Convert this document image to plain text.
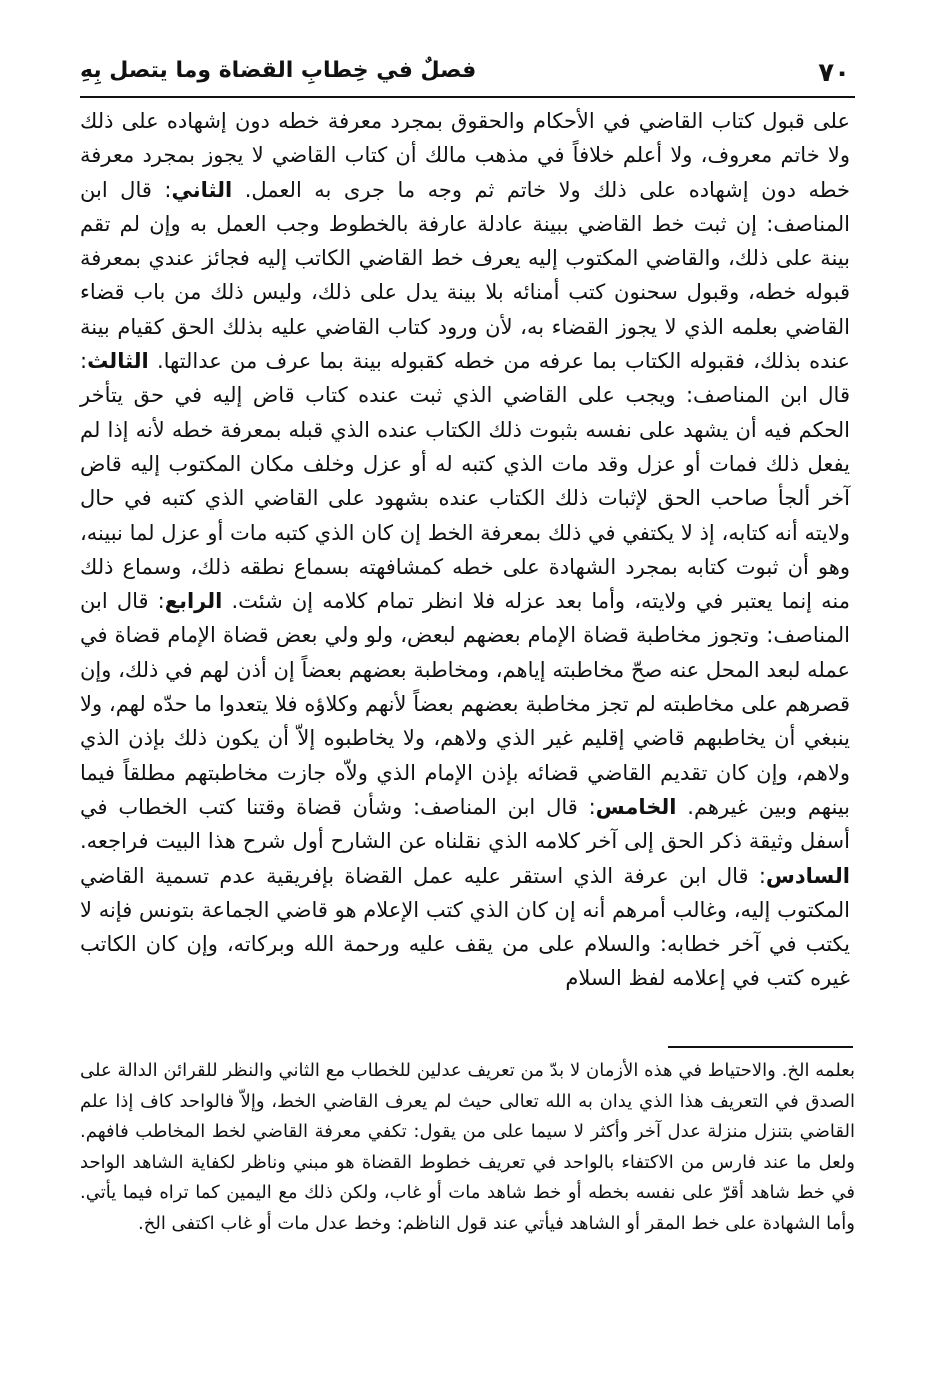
٧٠
فصلٌ في خِطابِ القضاة وما يتصل بِهِ

على قبول كتاب القاضي في الأحكام والحقوق بمجرد معرفة خطه دون إشهاده على ذلك ولا خاتم معروف، ولا أعلم خلافاً في مذهب مالك أن كتاب القاضي لا يجوز بمجرد معرفة خطه دون إشهاده على ذلك ولا خاتم ثم وجه ما جرى به العمل. الثاني: قال ابن المناصف: إن ثبت خط القاضي ببينة عادلة عارفة بالخطوط وجب العمل به وإن لم تقم بينة على ذلك، والقاضي المكتوب إليه يعرف خط القاضي الكاتب إليه فجائز عندي بمعرفة قبوله خطه، وقبول سحنون كتب أمنائه بلا بينة يدل على ذلك، وليس ذلك من باب قضاء القاضي بعلمه الذي لا يجوز القضاء به، لأن ورود كتاب القاضي عليه بذلك الحق كقيام بينة عنده بذلك، فقبوله الكتاب بما عرفه من خطه كقبوله بينة بما عرف من عدالتها. الثالث: قال ابن المناصف: ويجب على القاضي الذي ثبت عنده كتاب قاض إليه في حق يتأخر الحكم فيه أن يشهد على نفسه بثبوت ذلك الكتاب عنده الذي قبله بمعرفة خطه لأنه إذا لم يفعل ذلك فمات أو عزل وقد مات الذي كتبه له أو عزل وخلف مكان المكتوب إليه قاض آخر ألجأ صاحب الحق لإثبات ذلك الكتاب عنده بشهود على القاضي الذي كتبه في حال ولايته أنه كتابه، إذ لا يكتفي في ذلك بمعرفة الخط إن كان الذي كتبه مات أو عزل لما نبينه، وهو أن ثبوت كتابه بمجرد الشهادة على خطه كمشافهته بسماع نطقه ذلك، وسماع ذلك منه إنما يعتبر في ولايته، وأما بعد عزله فلا انظر تمام كلامه إن شئت. الرابع: قال ابن المناصف: وتجوز مخاطبة قضاة الإمام بعضهم لبعض، ولو ولي بعض قضاة الإمام قضاة في عمله لبعد المحل عنه صحّ مخاطبته إياهم، ومخاطبة بعضهم بعضاً إن أذن لهم في ذلك، وإن قصرهم على مخاطبته لم تجز مخاطبة بعضهم بعضاً لأنهم وكلاؤه فلا يتعدوا ما حدّه لهم، ولا ينبغي أن يخاطبهم قاضي إقليم غير الذي ولاهم، ولا يخاطبوه إلاّ أن يكون ذلك بإذن الذي ولاهم، وإن كان تقديم القاضي قضائه بإذن الإمام الذي ولاّه جازت مخاطبتهم مطلقاً فيما بينهم وبين غيرهم. الخامس: قال ابن المناصف: وشأن قضاة وقتنا كتب الخطاب في أسفل وثيقة ذكر الحق إلى آخر كلامه الذي نقلناه عن الشارح أول شرح هذا البيت فراجعه. السادس: قال ابن عرفة الذي استقر عليه عمل القضاة بإفريقية عدم تسمية القاضي المكتوب إليه، وغالب أمرهم أنه إن كان الذي كتب الإعلام هو قاضي الجماعة بتونس فإنه لا يكتب في آخر خطابه: والسلام على من يقف عليه ورحمة الله وبركاته، وإن كان الكاتب غيره كتب في إعلامه لفظ السلام

بعلمه الخ. والاحتياط في هذه الأزمان لا بدّ من تعريف عدلين للخطاب مع الثاني والنظر للقرائن الدالة على الصدق في التعريف هذا الذي يدان به الله تعالى حيث لم يعرف القاضي الخط، وإلاّ فالواحد كاف إذا علم القاضي بتنزل منزلة عدل آخر وأكثر لا سيما على من يقول: تكفي معرفة القاضي لخط المخاطب فافهم. ولعل ما عند فارس من الاكتفاء بالواحد في تعريف خطوط القضاة هو مبني وناظر لكفاية الشاهد الواحد في خط شاهد أقرّ على نفسه بخطه أو خط شاهد مات أو غاب، ولكن ذلك مع اليمين كما تراه فيما يأتي. وأما الشهادة على خط المقر أو الشاهد فيأتي عند قول الناظم: وخط عدل مات أو غاب اكتفى الخ.
